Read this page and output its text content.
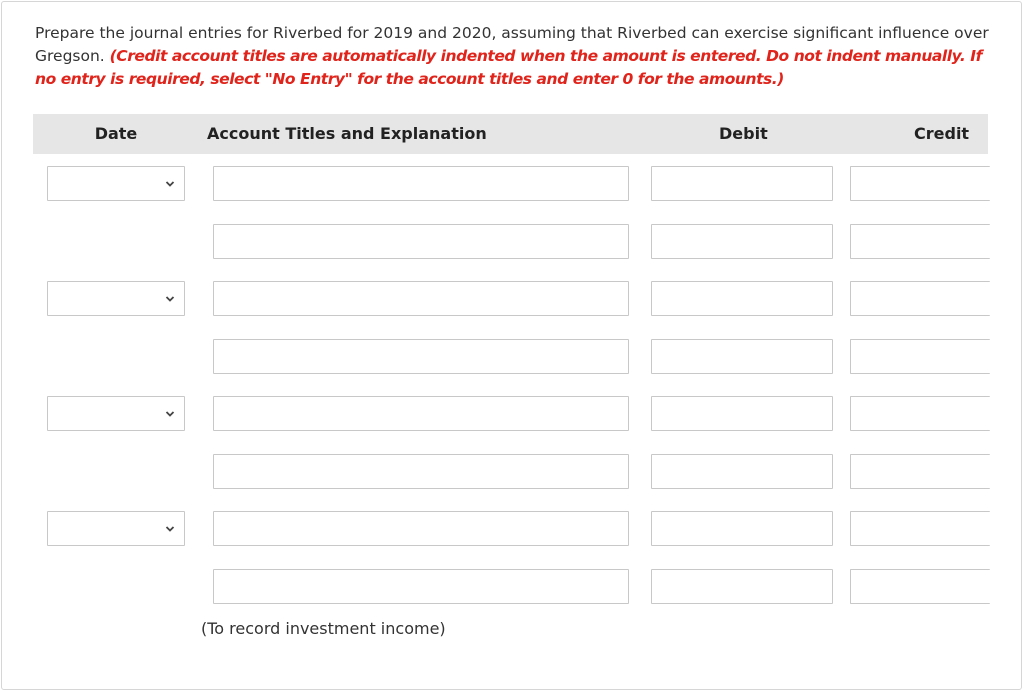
Prepare the journal entries for Riverbed for 2019 and 2020, assuming that Riverbed can exercise significant influence over Gregson. (Credit account titles are automatically indented when the amount is entered. Do not indent manually. If no entry is required, select "No Entry" for the account titles and enter 0 for the amounts.)
Date	Account Titles and Explanation	Debit	Credit
(To record investment income)
